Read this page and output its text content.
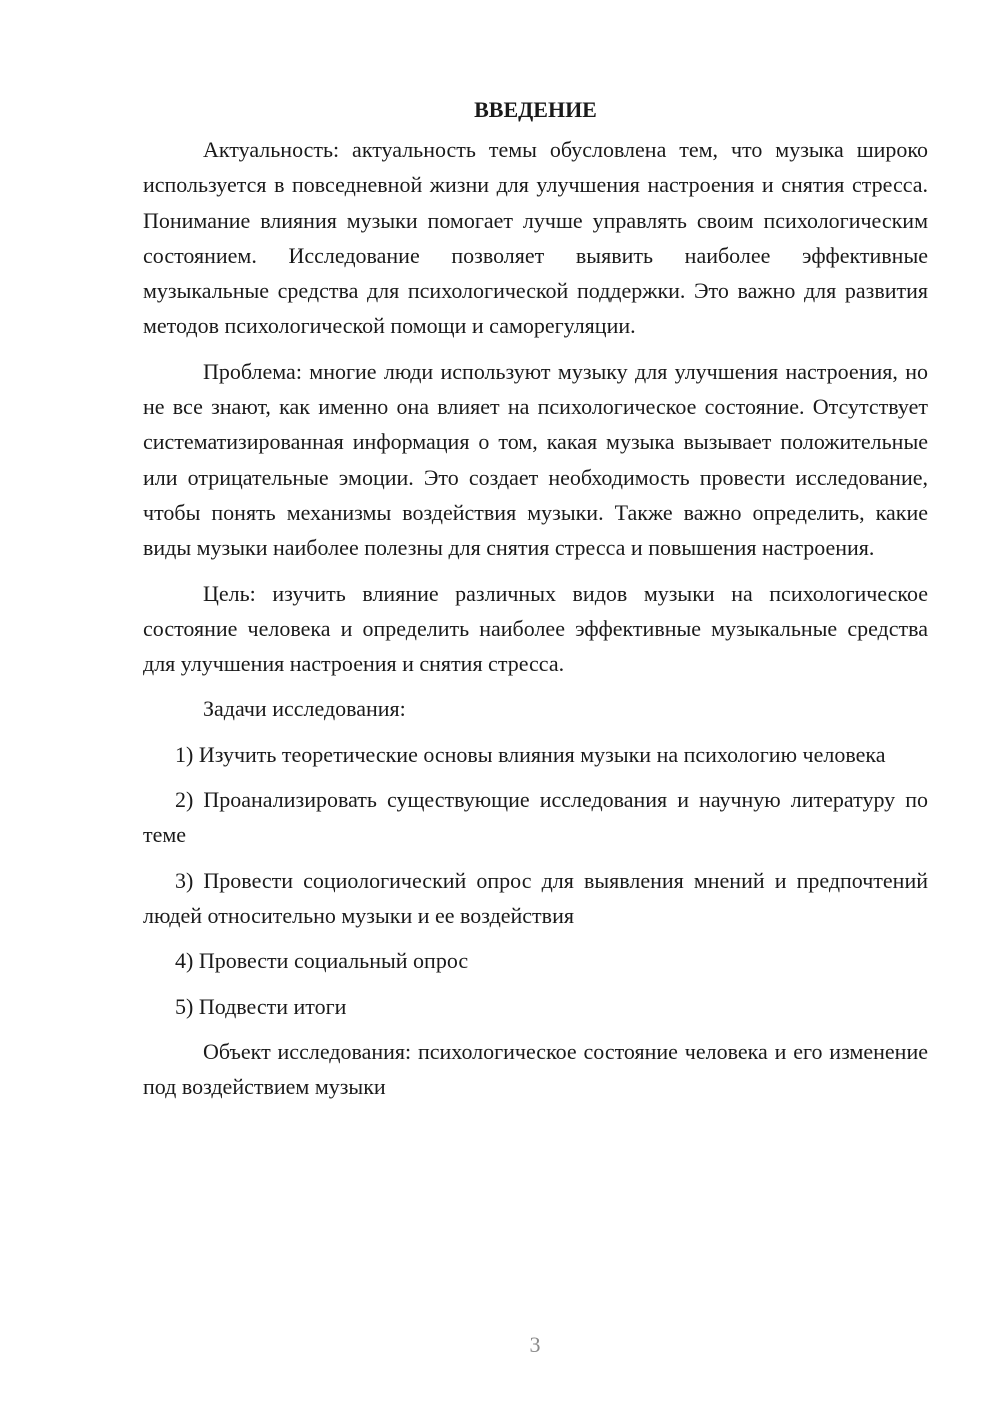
ВВЕДЕНИЕ

Актуальность: актуальность темы обусловлена тем, что музыка широко используется в повседневной жизни для улучшения настроения и снятия стресса. Понимание влияния музыки помогает лучше управлять своим психологическим состоянием. Исследование позволяет выявить наиболее эффективные музыкальные средства для психологической поддержки. Это важно для развития методов психологической помощи и саморегуляции.

Проблема: многие люди используют музыку для улучшения настроения, но не все знают, как именно она влияет на психологическое состояние. Отсутствует систематизированная информация о том, какая музыка вызывает положительные или отрицательные эмоции. Это создает необходимость провести исследование, чтобы понять механизмы воздействия музыки. Также важно определить, какие виды музыки наиболее полезны для снятия стресса и повышения настроения.

Цель: изучить влияние различных видов музыки на психологическое состояние человека и определить наиболее эффективные музыкальные средства для улучшения настроения и снятия стресса.

Задачи исследования:

1) Изучить теоретические основы влияния музыки на психологию человека

2) Проанализировать существующие исследования и научную литературу по теме

3) Провести социологический опрос для выявления мнений и предпочтений людей относительно музыки и ее воздействия

4) Провести социальный опрос

5) Подвести итоги

Объект исследования: психологическое состояние человека и его изменение под воздействием музыки

3
